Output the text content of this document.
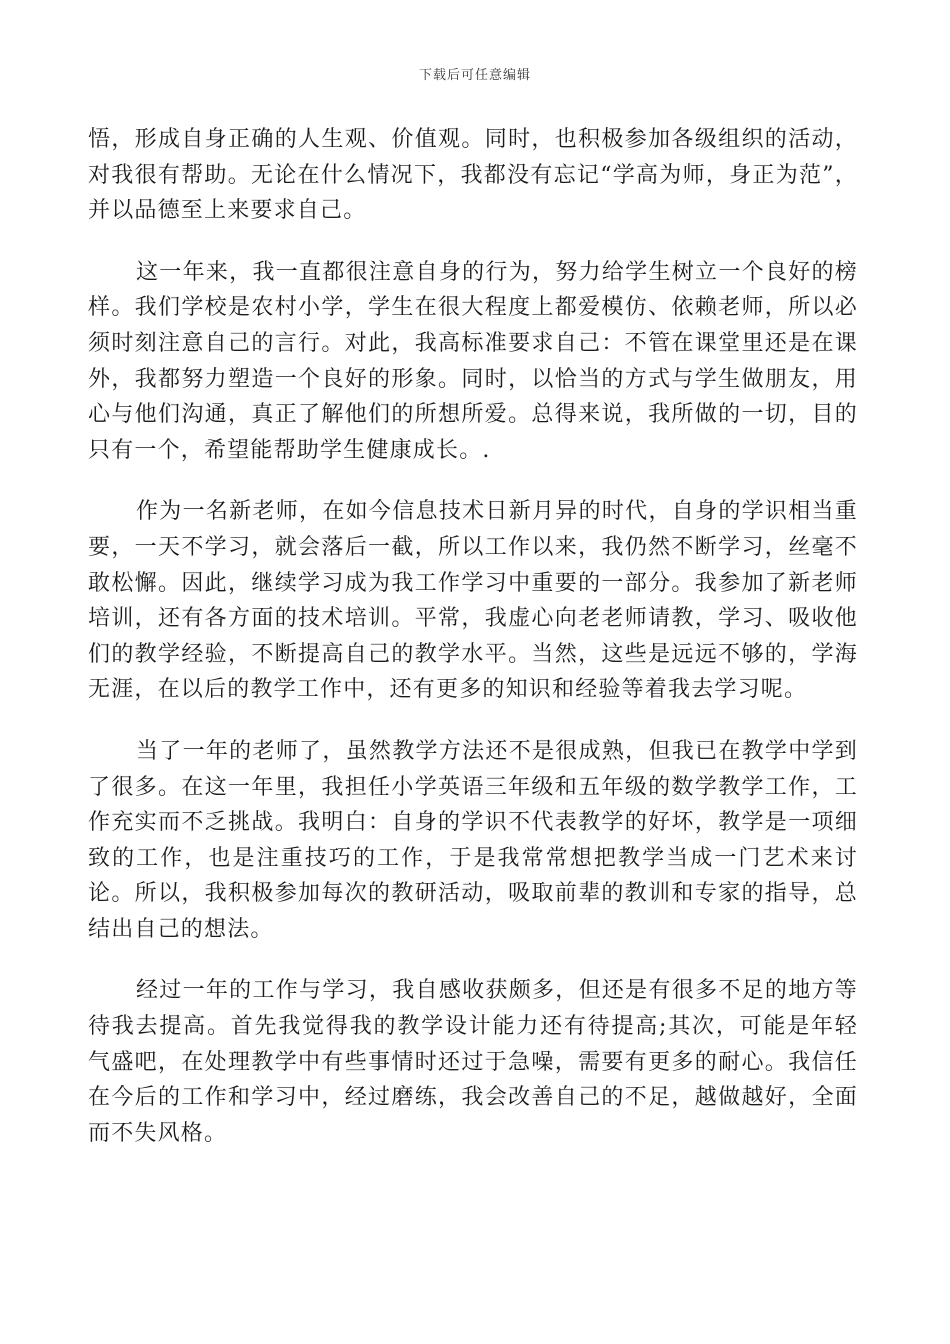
下载后可任意编辑

悟，形成自身正确的人生观、价值观。同时，也积极参加各级组织的活动，对我很有帮助。无论在什么情况下，我都没有忘记“学高为师，身正为范”，并以品德至上来要求自己。

这一年来，我一直都很注意自身的行为，努力给学生树立一个良好的榜样。我们学校是农村小学，学生在很大程度上都爱模仿、依赖老师，所以必须时刻注意自己的言行。对此，我高标准要求自己：不管在课堂里还是在课外，我都努力塑造一个良好的形象。同时，以恰当的方式与学生做朋友，用心与他们沟通，真正了解他们的所想所爱。总得来说，我所做的一切，目的只有一个，希望能帮助学生健康成长。.

作为一名新老师，在如今信息技术日新月异的时代，自身的学识相当重要，一天不学习，就会落后一截，所以工作以来，我仍然不断学习，丝毫不敢松懈。因此，继续学习成为我工作学习中重要的一部分。我参加了新老师培训，还有各方面的技术培训。平常，我虚心向老老师请教，学习、吸收他们的教学经验，不断提高自己的教学水平。当然，这些是远远不够的，学海无涯，在以后的教学工作中，还有更多的知识和经验等着我去学习呢。

当了一年的老师了，虽然教学方法还不是很成熟，但我已在教学中学到了很多。在这一年里，我担任小学英语三年级和五年级的数学教学工作，工作充实而不乏挑战。我明白：自身的学识不代表教学的好坏，教学是一项细致的工作，也是注重技巧的工作，于是我常常想把教学当成一门艺术来讨论。所以，我积极参加每次的教研活动，吸取前辈的教训和专家的指导，总结出自己的想法。

经过一年的工作与学习，我自感收获颇多，但还是有很多不足的地方等待我去提高。首先我觉得我的教学设计能力还有待提高;其次，可能是年轻气盛吧，在处理教学中有些事情时还过于急噪，需要有更多的耐心。我信任在今后的工作和学习中，经过磨练，我会改善自己的不足，越做越好，全面而不失风格。
